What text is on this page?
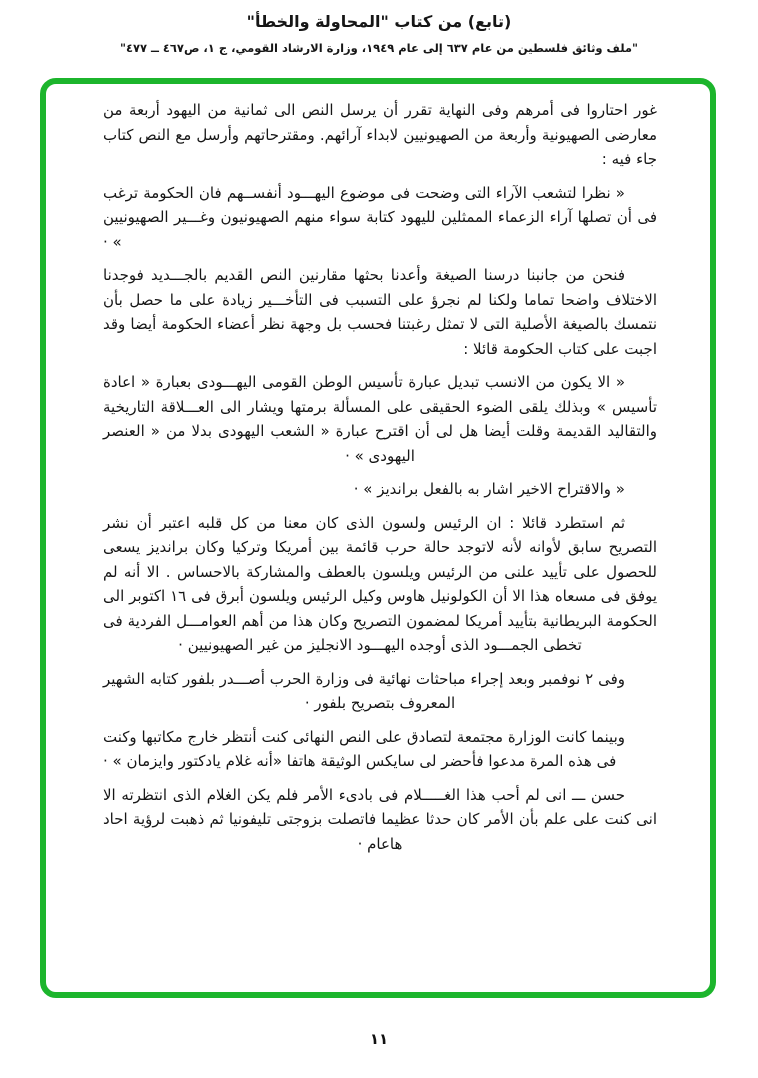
(تابع) من كتاب "المحاولة والخطأ"
"ملف وثائق فلسطين من عام ٦٣٧ إلى عام ١٩٤٩، وزارة الارشاد القومي، ج ١، ص٤٦٧ ــ ٤٧٧"

غور احتاروا فى أمرهم وفى النهاية تقرر أن يرسل النص الى ثمانية من اليهود أربعة من معارضى الصهيونية وأربعة من الصهيونيين لابداء آرائهم. ومقترحاتهم وأرسل مع النص كتاب جاء فيه :

« نظرا لتشعب الآراء التى وضحت فى موضوع اليهـــود أنفســهم فان الحكومة ترغب فى أن تصلها آراء الزعماء الممثلين لليهود كتابة سواء منهم الصهيونيون وغـــير الصهيونيين » ·

فنحن من جانبنا درسنا الصيغة وأعدنا بحثها مقارنين النص القديم بالجـــديد فوجدنا الاختلاف واضحا تماما ولكنا لم نجرؤ على التسبب فى التأخـــير زيادة على ما حصل بأن نتمسك بالصيغة الأصلية التى لا تمثل رغبتنا فحسب بل وجهة نظر أعضاء الحكومة أيضا وقد اجبت على كتاب الحكومة قائلا :

« الا يكون من الانسب تبديل عبارة تأسيس الوطن القومى اليهـــودى بعبارة « اعادة تأسيس » وبذلك يلقى الضوء الحقيقى على المسألة برمتها ويشار الى العـــلاقة التاريخية والتقاليد القديمة وقلت أيضا هل لى أن اقترح عبارة « الشعب اليهودى بدلا من « العنصر اليهودى » ·

« والاقتراح الاخير اشار به بالفعل برانديز » ·

ثم استطرد قائلا : ان الرئيس ولسون الذى كان معنا من كل قلبه اعتبر أن نشر التصريح سابق لأوانه لأنه لاتوجد حالة حرب قائمة بين أمريكا وتركيا وكان برانديز يسعى للحصول على تأييد علنى من الرئيس ويلسون بالعطف والمشاركة بالاحساس . الا أنه لم يوفق فى مسعاه هذا الا أن الكولونيل هاوس وكيل الرئيس ويلسون أبرق فى ١٦ اكتوبر الى الحكومة البريطانية بتأييد أمريكا لمضمون التصريح وكان هذا من أهم العوامـــل الفردية فى تخطى الجمـــود الذى أوجده اليهـــود الانجليز من غير الصهيونيين ·

وفى ٢ نوفمبر وبعد إجراء مباحثات نهائية فى وزارة الحرب أصـــدر بلفور كتابه الشهير المعروف بتصريح بلفور ·

وبينما كانت الوزارة مجتمعة لتصادق على النص النهائى كنت أنتظر خارج مكاتبها وكنت فى هذه المرة مدعوا فأحضر لى سايكس الوثيقة هاتفا «أنه غلام يادكتور وايزمان » ·

حسن ـــ انى لم أحب هذا الغـــــلام فى بادىء الأمر فلم يكن الغلام الذى انتظرته الا انى كنت على علم بأن الأمر كان حدثا عظيما فاتصلت بزوجتى تليفونيا ثم ذهبت لرؤية احاد هاعام ·

١١
